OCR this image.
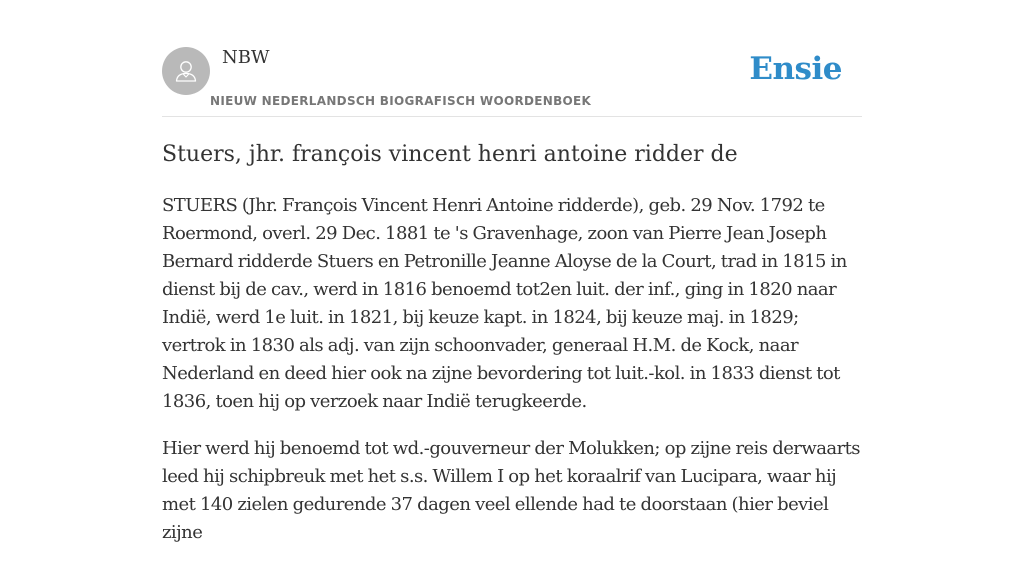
NBW
NIEUW NEDERLANDSCH BIOGRAFISCH WOORDENBOEK
Ensie
Stuers, jhr. françois vincent henri antoine ridder de

STUERS (Jhr. François Vincent Henri Antoine ridderde), geb. 29 Nov. 1792 te Roermond, overl. 29 Dec. 1881 te 's Gravenhage, zoon van Pierre Jean Joseph Bernard ridderde Stuers en Petronille Jeanne Aloyse de la Court, trad in 1815 in dienst bij de cav., werd in 1816 benoemd tot2en luit. der inf., ging in 1820 naar Indië, werd 1e luit. in 1821, bij keuze kapt. in 1824, bij keuze maj. in 1829; vertrok in 1830 als adj. van zijn schoonvader, generaal H.M. de Kock, naar Nederland en deed hier ook na zijne bevordering tot luit.-kol. in 1833 dienst tot 1836, toen hij op verzoek naar Indië terugkeerde.

Hier werd hij benoemd tot wd.-gouverneur der Molukken; op zijne reis derwaarts leed hij schipbreuk met het s.s. Willem I op het koraalrif van Lucipara, waar hij met 140 zielen gedurende 37 dagen veel ellende had te doorstaan (hier beviel zijne
